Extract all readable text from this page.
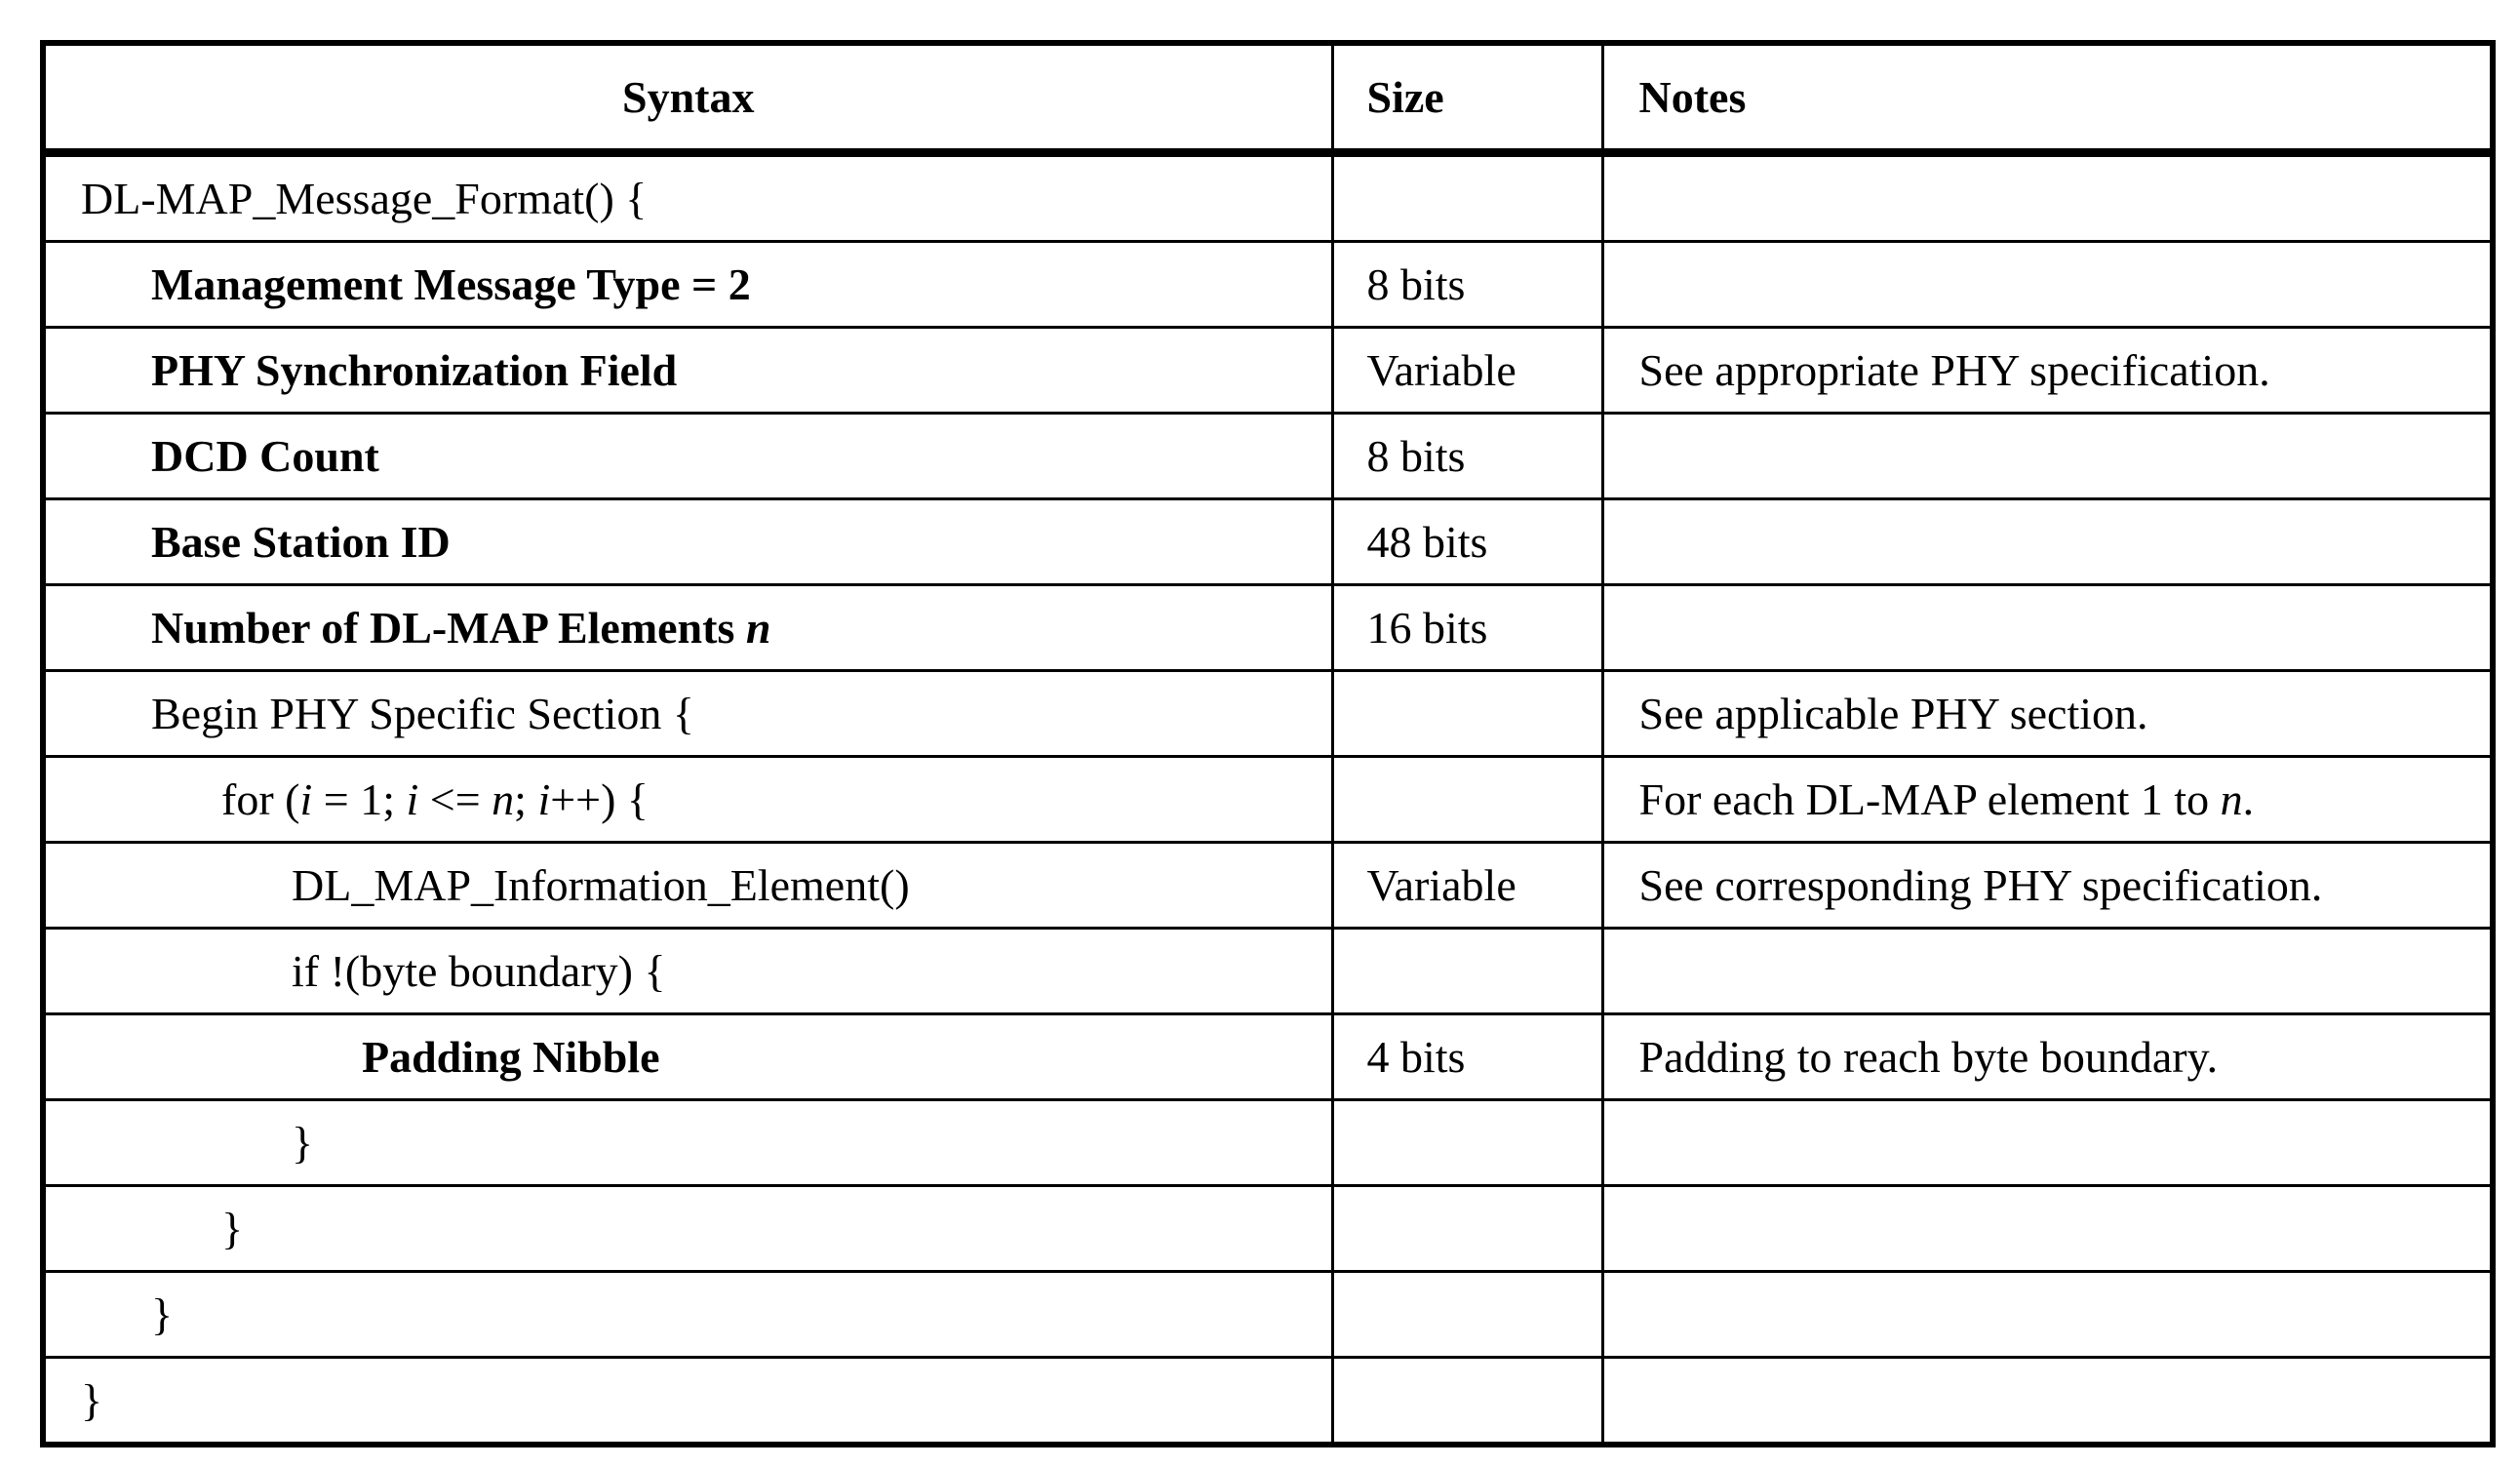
Syntax	Size	Notes
DL-MAP_Message_Format() {		
Management Message Type = 2	8 bits	
PHY Synchronization Field	Variable	See appropriate PHY specification.
DCD Count	8 bits	
Base Station ID	48 bits	
Number of DL-MAP Elements n	16 bits	
Begin PHY Specific Section {		See applicable PHY section.
for (i = 1; i <= n; i++) {		For each DL-MAP element 1 to n.
DL_MAP_Information_Element()	Variable	See corresponding PHY specification.
if !(byte boundary) {		
Padding Nibble	4 bits	Padding to reach byte boundary.
}		
}		
}		
}		
